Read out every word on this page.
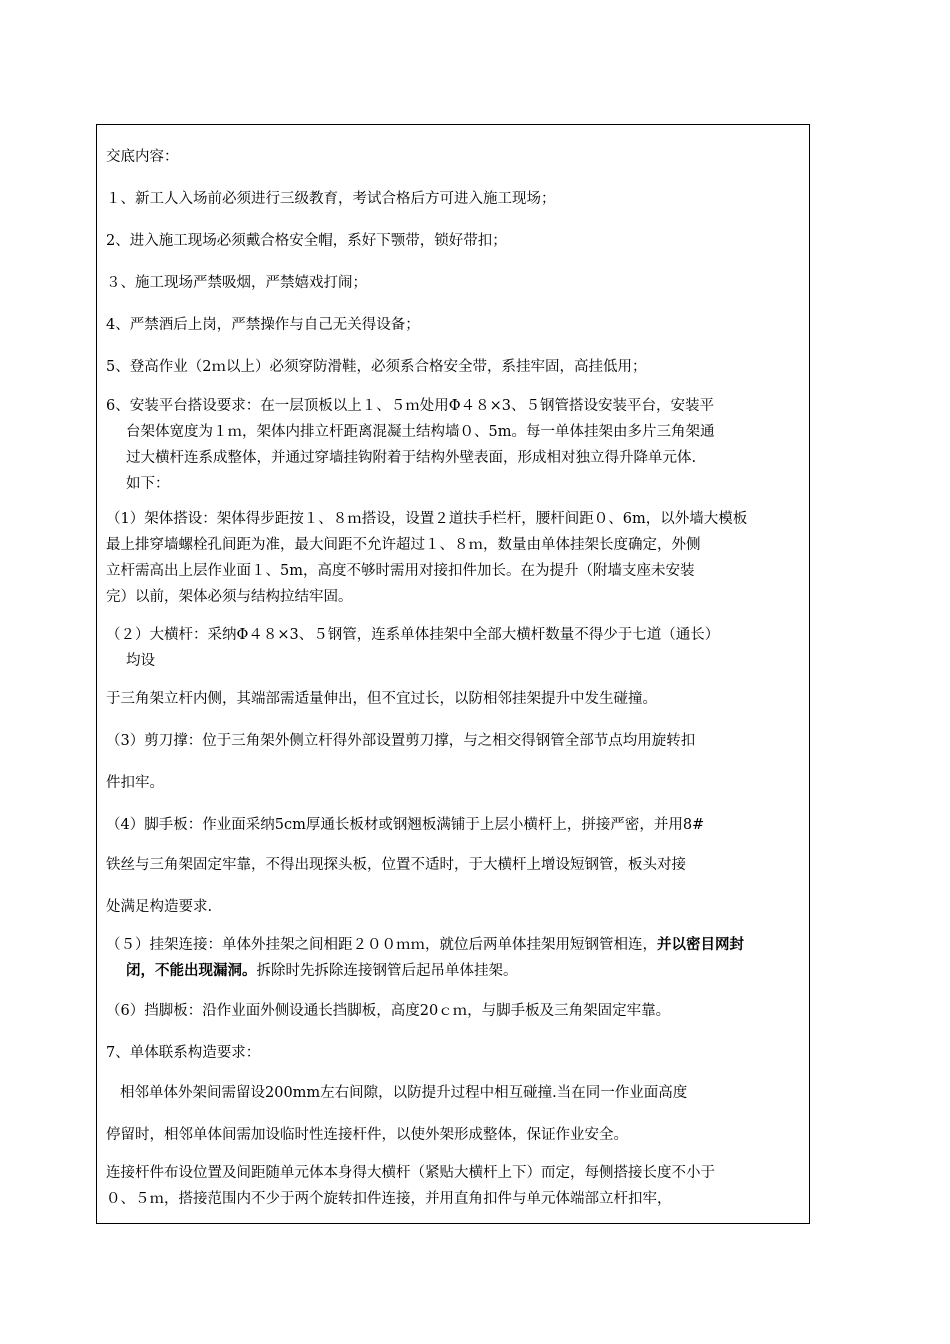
交底内容：
１、新工人入场前必须进行三级教育，考试合格后方可进入施工现场；
2、进入施工现场必须戴合格安全帽，系好下颚带，锁好带扣；
３、施工现场严禁吸烟，严禁嬉戏打闹；
4、严禁酒后上岗，严禁操作与自己无关得设备；
5、登高作业（2ｍ以上）必须穿防滑鞋，必须系合格安全带，系挂牢固，高挂低用；
6、安装平台搭设要求：在一层顶板以上１、５ｍ处用Φ４８×3、５钢管搭设安装平台，安装平
台架体宽度为１ｍ，架体内排立杆距离混凝土结构墙０、5m。每一单体挂架由多片三角架通
过大横杆连系成整体，并通过穿墙挂钩附着于结构外壁表面，形成相对独立得升降单元体.
如下：
（1）架体搭设：架体得步距按１、８ｍ搭设，设置２道扶手栏杆，腰杆间距０、6m，以外墙大模板
最上排穿墙螺栓孔间距为准，最大间距不允许超过１、８ｍ，数量由单体挂架长度确定，外侧
立杆需高出上层作业面１、5m，高度不够时需用对接扣件加长。在为提升（附墙支座未安装
完）以前，架体必须与结构拉结牢固。
（２）大横杆：采纳Φ４８×3、５钢管，连系单体挂架中全部大横杆数量不得少于七道（通长）
均设
于三角架立杆内侧，其端部需适量伸出，但不宜过长，以防相邻挂架提升中发生碰撞。
（3）剪刀撑：位于三角架外侧立杆得外部设置剪刀撑，与之相交得钢管全部节点均用旋转扣
件扣牢。
（4）脚手板：作业面采纳5cm厚通长板材或钢翘板满铺于上层小横杆上，拼接严密，并用8#
铁丝与三角架固定牢靠，不得出现探头板，位置不适时，于大横杆上增设短钢管，板头对接
处满足构造要求.
（５）挂架连接：单体外挂架之间相距２００ｍｍ，就位后两单体挂架用短钢管相连，并以密目网封
闭，不能出现漏洞。拆除时先拆除连接钢管后起吊单体挂架。
（6）挡脚板：沿作业面外侧设通长挡脚板，高度20ｃｍ，与脚手板及三角架固定牢靠。
7、单体联系构造要求：
相邻单体外架间需留设200mm左右间隙，以防提升过程中相互碰撞.当在同一作业面高度
停留时，相邻单体间需加设临时性连接杆件，以使外架形成整体，保证作业安全。
连接杆件布设位置及间距随单元体本身得大横杆（紧贴大横杆上下）而定，每侧搭接长度不小于
０、５ｍ，搭接范围内不少于两个旋转扣件连接，并用直角扣件与单元体端部立杆扣牢，
